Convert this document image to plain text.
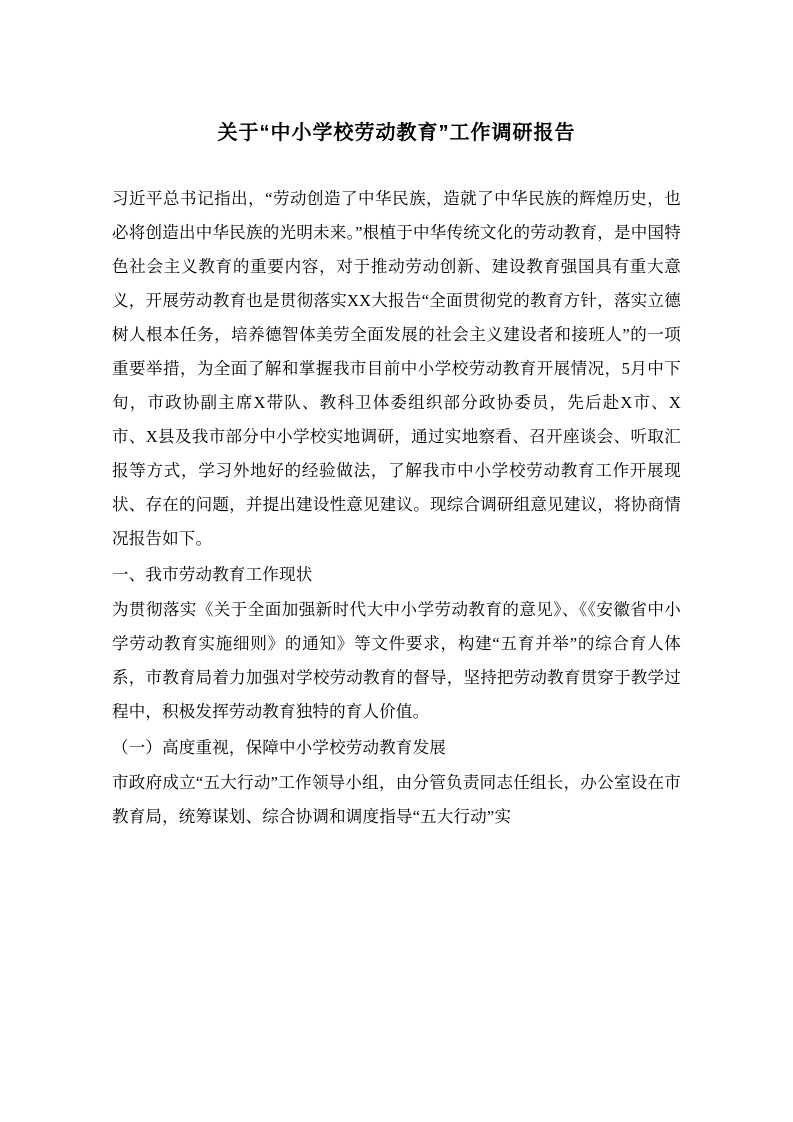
关于“中小学校劳动教育”工作调研报告

习近平总书记指出，“劳动创造了中华民族，造就了中华民族的辉煌历史，也必将创造出中华民族的光明未来。”根植于中华传统文化的劳动教育，是中国特色社会主义教育的重要内容，对于推动劳动创新、建设教育强国具有重大意义，开展劳动教育也是贯彻落实XX大报告“全面贯彻党的教育方针，落实立德树人根本任务，培养德智体美劳全面发展的社会主义建设者和接班人”的一项重要举措，为全面了解和掌握我市目前中小学校劳动教育开展情况，5月中下旬，市政协副主席X带队、教科卫体委组织部分政协委员，先后赴X市、X市、X县及我市部分中小学校实地调研，通过实地察看、召开座谈会、听取汇报等方式，学习外地好的经验做法，了解我市中小学校劳动教育工作开展现状、存在的问题，并提出建设性意见建议。现综合调研组意见建议，将协商情况报告如下。

一、我市劳动教育工作现状

为贯彻落实《关于全面加强新时代大中小学劳动教育的意见》、《《安徽省中小学劳动教育实施细则》的通知》等文件要求，构建“五育并举”的综合育人体系，市教育局着力加强对学校劳动教育的督导，坚持把劳动教育贯穿于教学过程中，积极发挥劳动教育独特的育人价值。

（一）高度重视，保障中小学校劳动教育发展

市政府成立“五大行动”工作领导小组，由分管负责同志任组长，办公室设在市教育局，统筹谋划、综合协调和调度指导“五大行动”实
